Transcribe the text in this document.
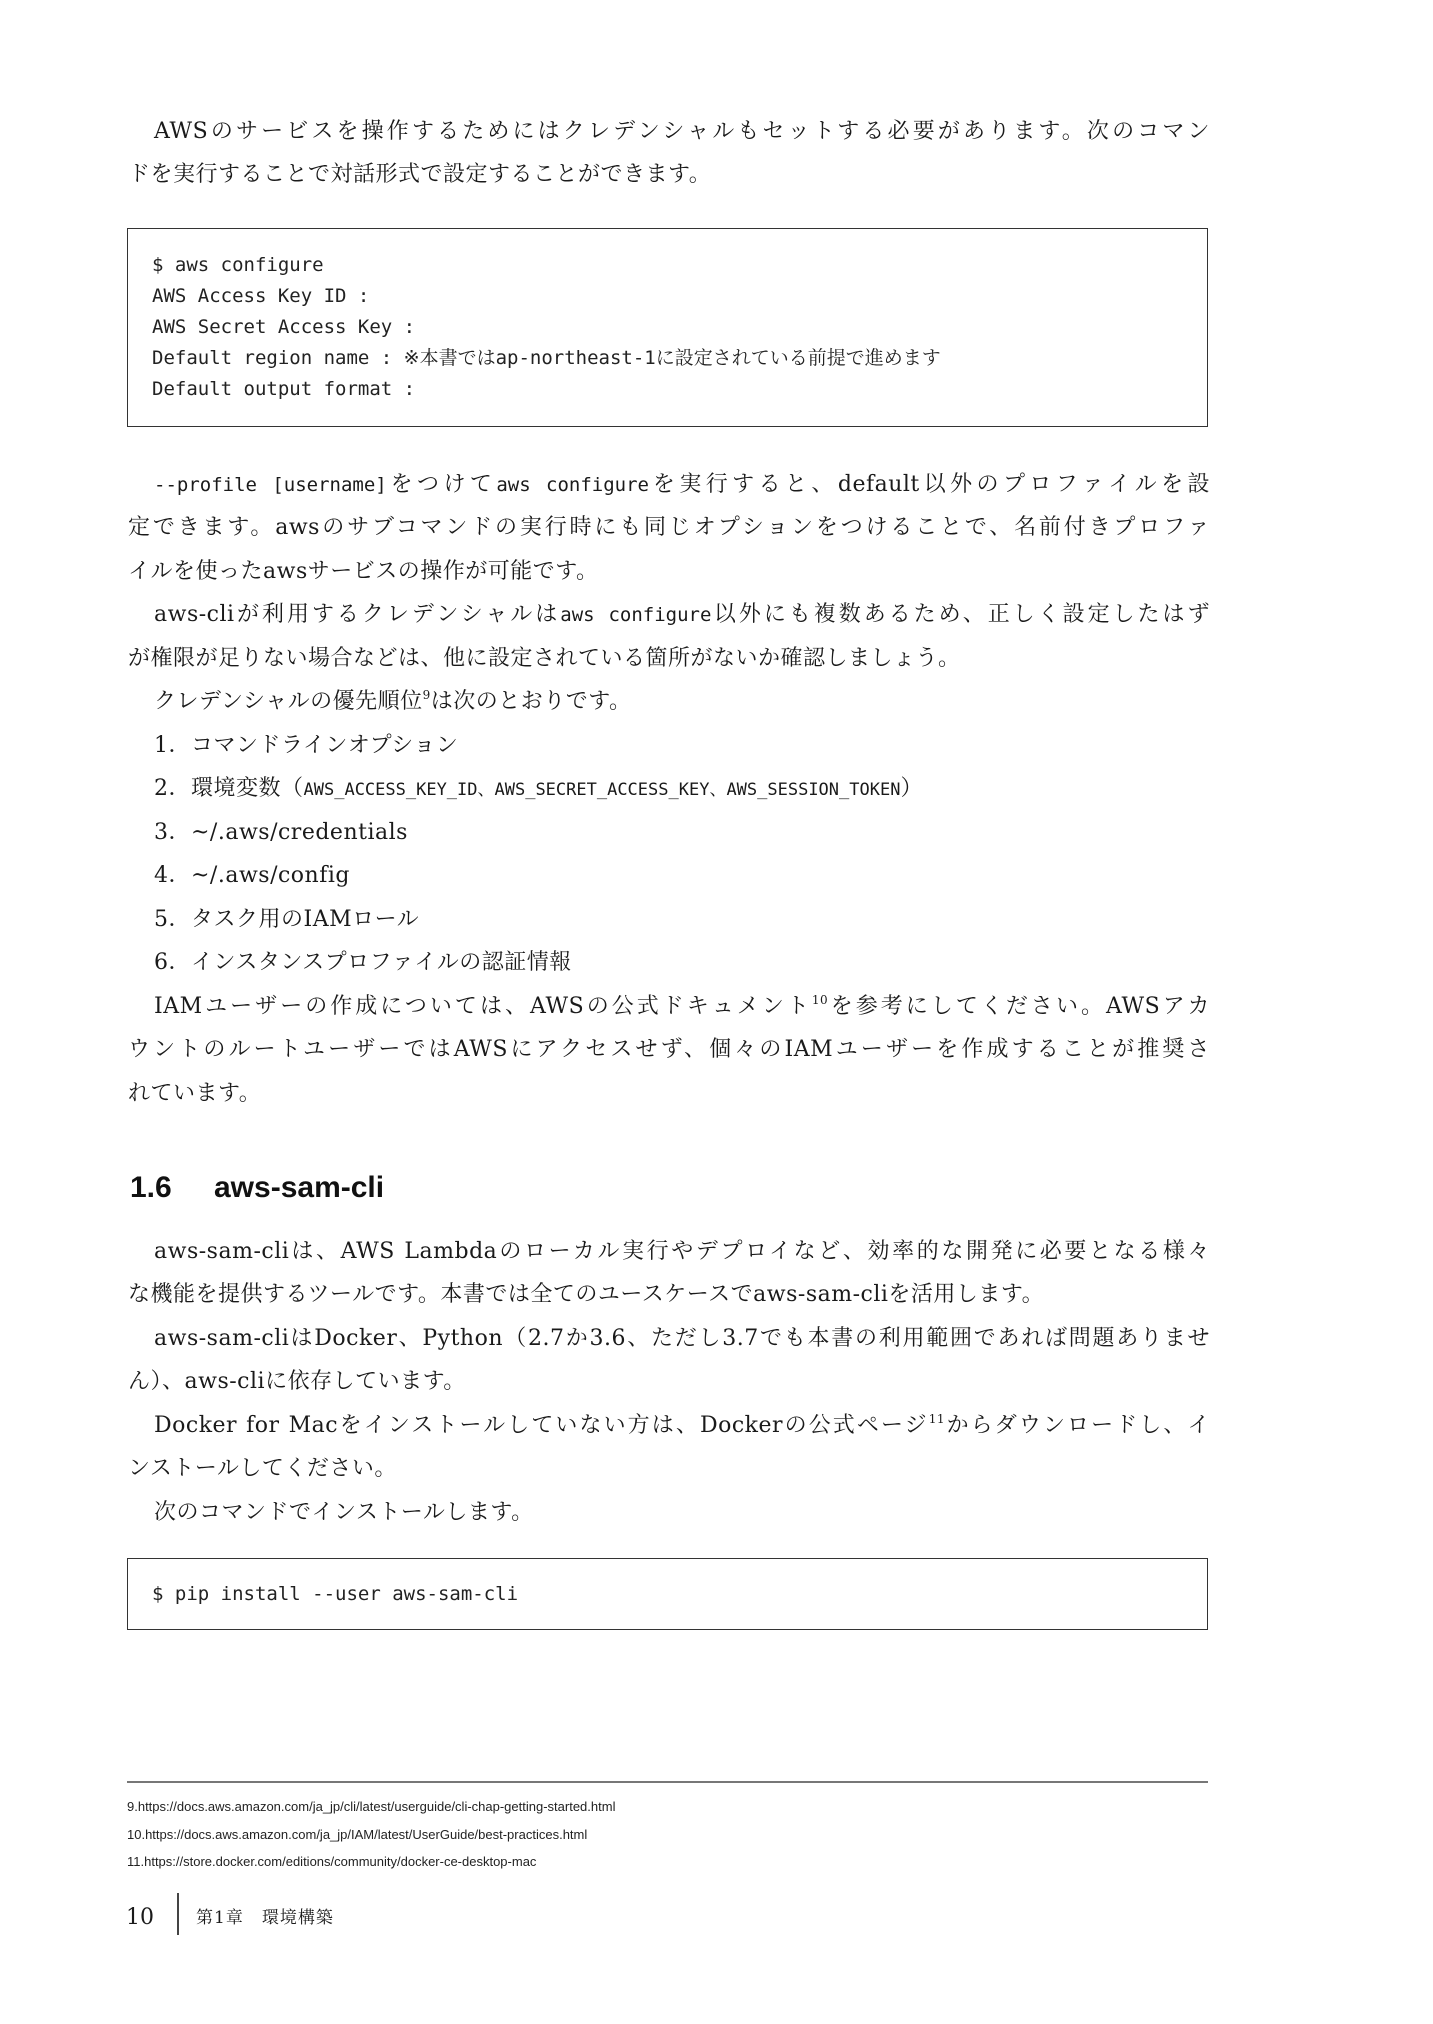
AWSのサービスを操作するためにはクレデンシャルもセットする必要があります。次のコマン
ドを実行することで対話形式で設定することができます。
$ aws configure
AWS Access Key ID :
AWS Secret Access Key :
Default region name : ※本書ではap-northeast-1に設定されている前提で進めます
Default output format :
--profile [username]をつけてaws configureを実行すると、default以外のプロファイルを設
定できます。awsのサブコマンドの実行時にも同じオプションをつけることで、名前付きプロファ
イルを使ったawsサービスの操作が可能です。
aws-cliが利用するクレデンシャルはaws configure以外にも複数あるため、正しく設定したはず
が権限が足りない場合などは、他に設定されている箇所がないか確認しましょう。
クレデンシャルの優先順位$^9$は次のとおりです。
1．コマンドラインオプション
2．環境変数（AWS_ACCESS_KEY_ID、AWS_SECRET_ACCESS_KEY、AWS_SESSION_TOKEN）
3．~/.aws/credentials
4．~/.aws/config
5．タスク用のIAMロール
6．インスタンスプロファイルの認証情報
IAMユーザーの作成については、AWSの公式ドキュメント$^{10}$を参考にしてください。AWSアカ
ウントのルートユーザーではAWSにアクセスせず、個々のIAMユーザーを作成することが推奨さ
れています。
1.6 aws-sam-cli
aws-sam-cliは、AWS Lambdaのローカル実行やデプロイなど、効率的な開発に必要となる様々
な機能を提供するツールです。本書では全てのユースケースでaws-sam-cliを活用します。
aws-sam-cliはDocker、Python（2.7か3.6、ただし3.7でも本書の利用範囲であれば問題ありませ
ん）、aws-cliに依存しています。
Docker for Macをインストールしていない方は、Dockerの公式ページ$^{11}$からダウンロードし、イ
ンストールしてください。
次のコマンドでインストールします。
$ pip install --user aws-sam-cli
9.https://docs.aws.amazon.com/ja_jp/cli/latest/userguide/cli-chap-getting-started.html
10.https://docs.aws.amazon.com/ja_jp/IAM/latest/UserGuide/best-practices.html
11.https://store.docker.com/editions/community/docker-ce-desktop-mac
10 第1章　環境構築
